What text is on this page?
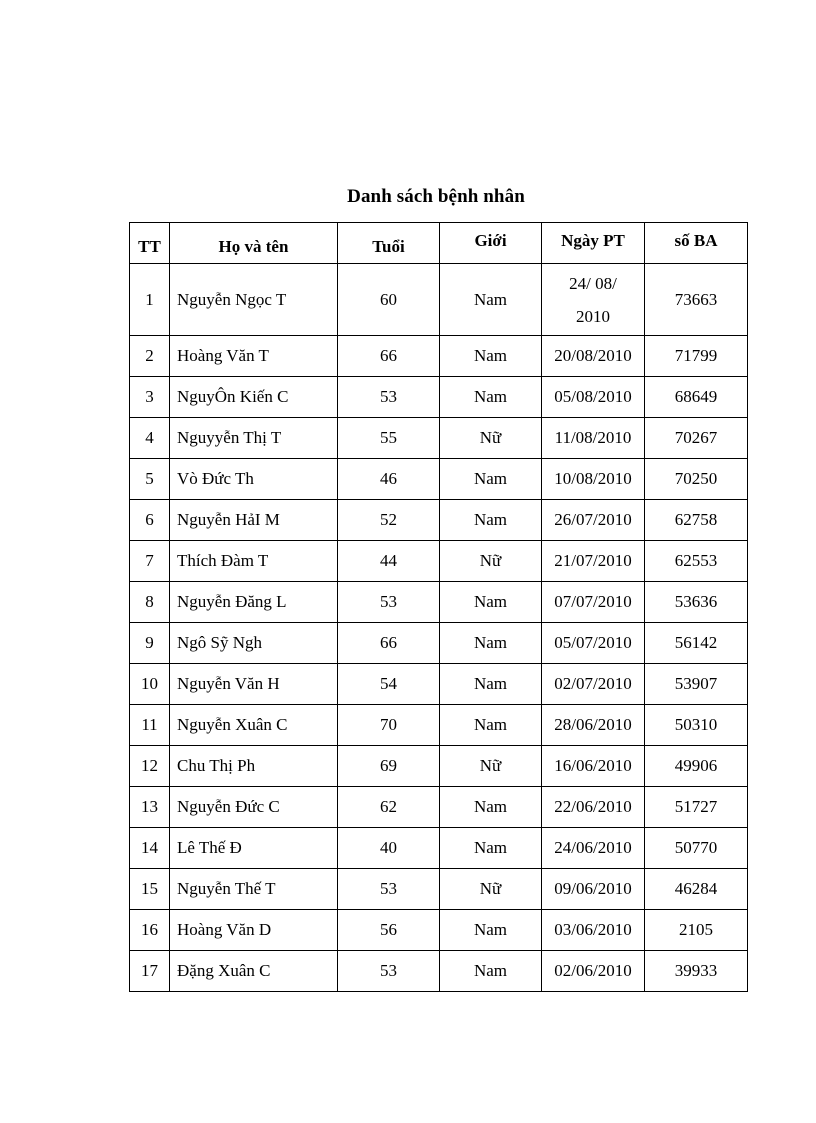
Danh sách bệnh nhân
TT	Họ và tên	Tuổi	Giới	Ngày PT	số BA
1	Nguyễn Ngọc T	60	Nam	24/ 08/ 2010	73663
2	Hoàng Văn T	66	Nam	20/08/2010	71799
3	NguyÔn Kiến C	53	Nam	05/08/2010	68649
4	Nguyyễn Thị T	55	Nữ	11/08/2010	70267
5	Vò Đức Th	46	Nam	10/08/2010	70250
6	Nguyễn HảI M	52	Nam	26/07/2010	62758
7	Thích Đàm T	44	Nữ	21/07/2010	62553
8	Nguyễn Đăng L	53	Nam	07/07/2010	53636
9	Ngô Sỹ Ngh	66	Nam	05/07/2010	56142
10	Nguyễn Văn H	54	Nam	02/07/2010	53907
11	Nguyễn Xuân C	70	Nam	28/06/2010	50310
12	Chu Thị Ph	69	Nữ	16/06/2010	49906
13	Nguyễn Đức C	62	Nam	22/06/2010	51727
14	Lê Thế Đ	40	Nam	24/06/2010	50770
15	Nguyễn Thế T	53	Nữ	09/06/2010	46284
16	Hoàng Văn D	56	Nam	03/06/2010	2105
17	Đặng Xuân C	53	Nam	02/06/2010	39933
